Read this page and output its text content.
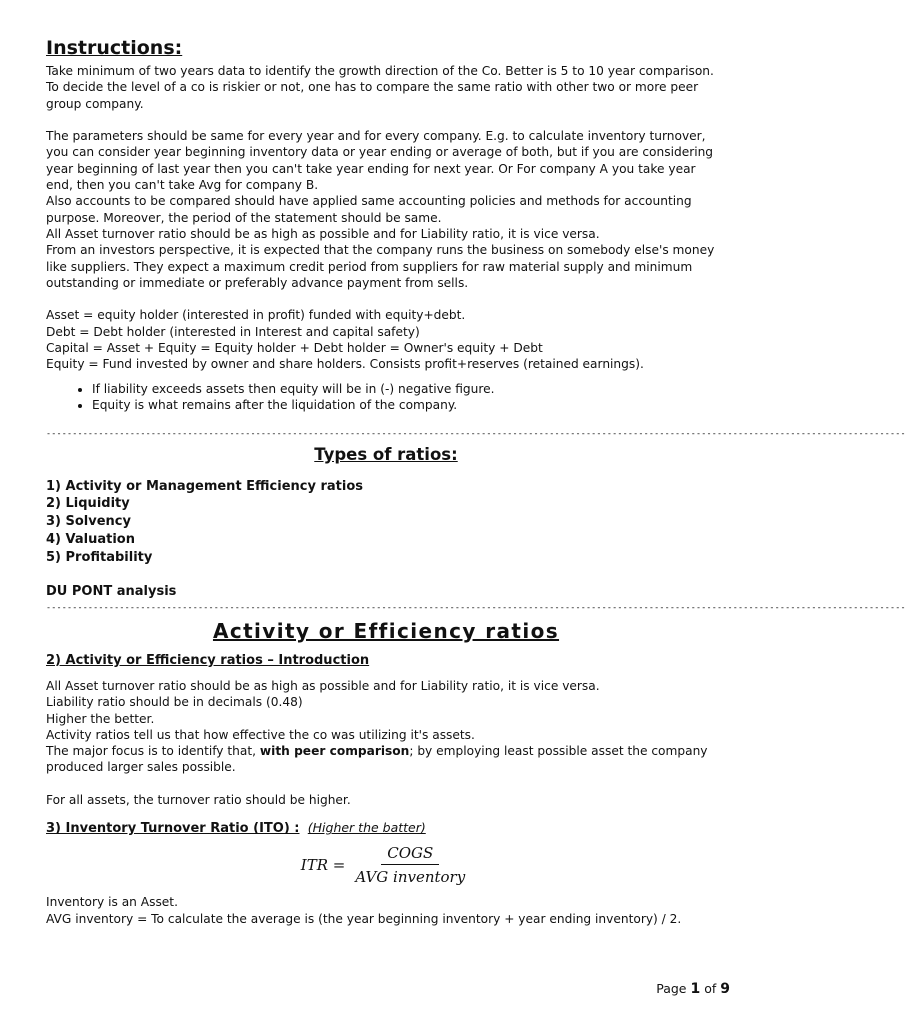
Instructions:

Take minimum of two years data to identify the growth direction of the Co. Better is 5 to 10 year comparison.

To decide the level of a co is riskier or not, one has to compare the same ratio with other two or more peer group company.

The parameters should be same for every year and for every company. E.g. to calculate inventory turnover, you can consider year beginning inventory data or year ending or average of both, but if you are considering year beginning of last year then you can't take year ending for next year. Or For company A you take year end, then you can't take Avg for company B.

Also accounts to be compared should have applied same accounting policies and methods for accounting purpose. Moreover, the period of the statement should be same.

All Asset turnover ratio should be as high as possible and for Liability ratio, it is vice versa.

From an investors perspective, it is expected that the company runs the business on somebody else's money like suppliers. They expect a maximum credit period from suppliers for raw material supply and minimum outstanding or immediate or preferably advance payment from sells.

Asset = equity holder (interested in profit) funded with equity+debt.

Debt = Debt holder (interested in Interest and capital safety)

Capital = Asset + Equity = Equity holder + Debt holder = Owner's equity + Debt

Equity = Fund invested by owner and share holders. Consists profit+reserves (retained earnings).

• If liability exceeds assets then equity will be in (-) negative figure.
• Equity is what remains after the liquidation of the company.
--------------------------------------------------------------------------------------------------------------------------------------------------------------------
Types of ratios:

1) Activity or Management Efficiency ratios

2) Liquidity

3) Solvency

4) Valuation

5) Profitability

DU PONT analysis

--------------------------------------------------------------------------------------------------------------------------------------------------------------------
Activity or Efficiency ratios
2) Activity or Efficiency ratios – Introduction

All Asset turnover ratio should be as high as possible and for Liability ratio, it is vice versa.

Liability ratio should be in decimals (0.48)

Higher the better.

Activity ratios tell us that how effective the co was utilizing it's assets.

The major focus is to identify that, with peer comparison; by employing least possible asset the company produced larger sales possible.

For all assets, the turnover ratio should be higher.

3) Inventory Turnover Ratio (ITO) : (Higher the batter)

ITR = $\frac{\text{COGS}}{\text{AVG inventory}}$

Inventory is an Asset.

AVG inventory = To calculate the average is (the year beginning inventory + year ending inventory) / 2.

Page 1 of 9
